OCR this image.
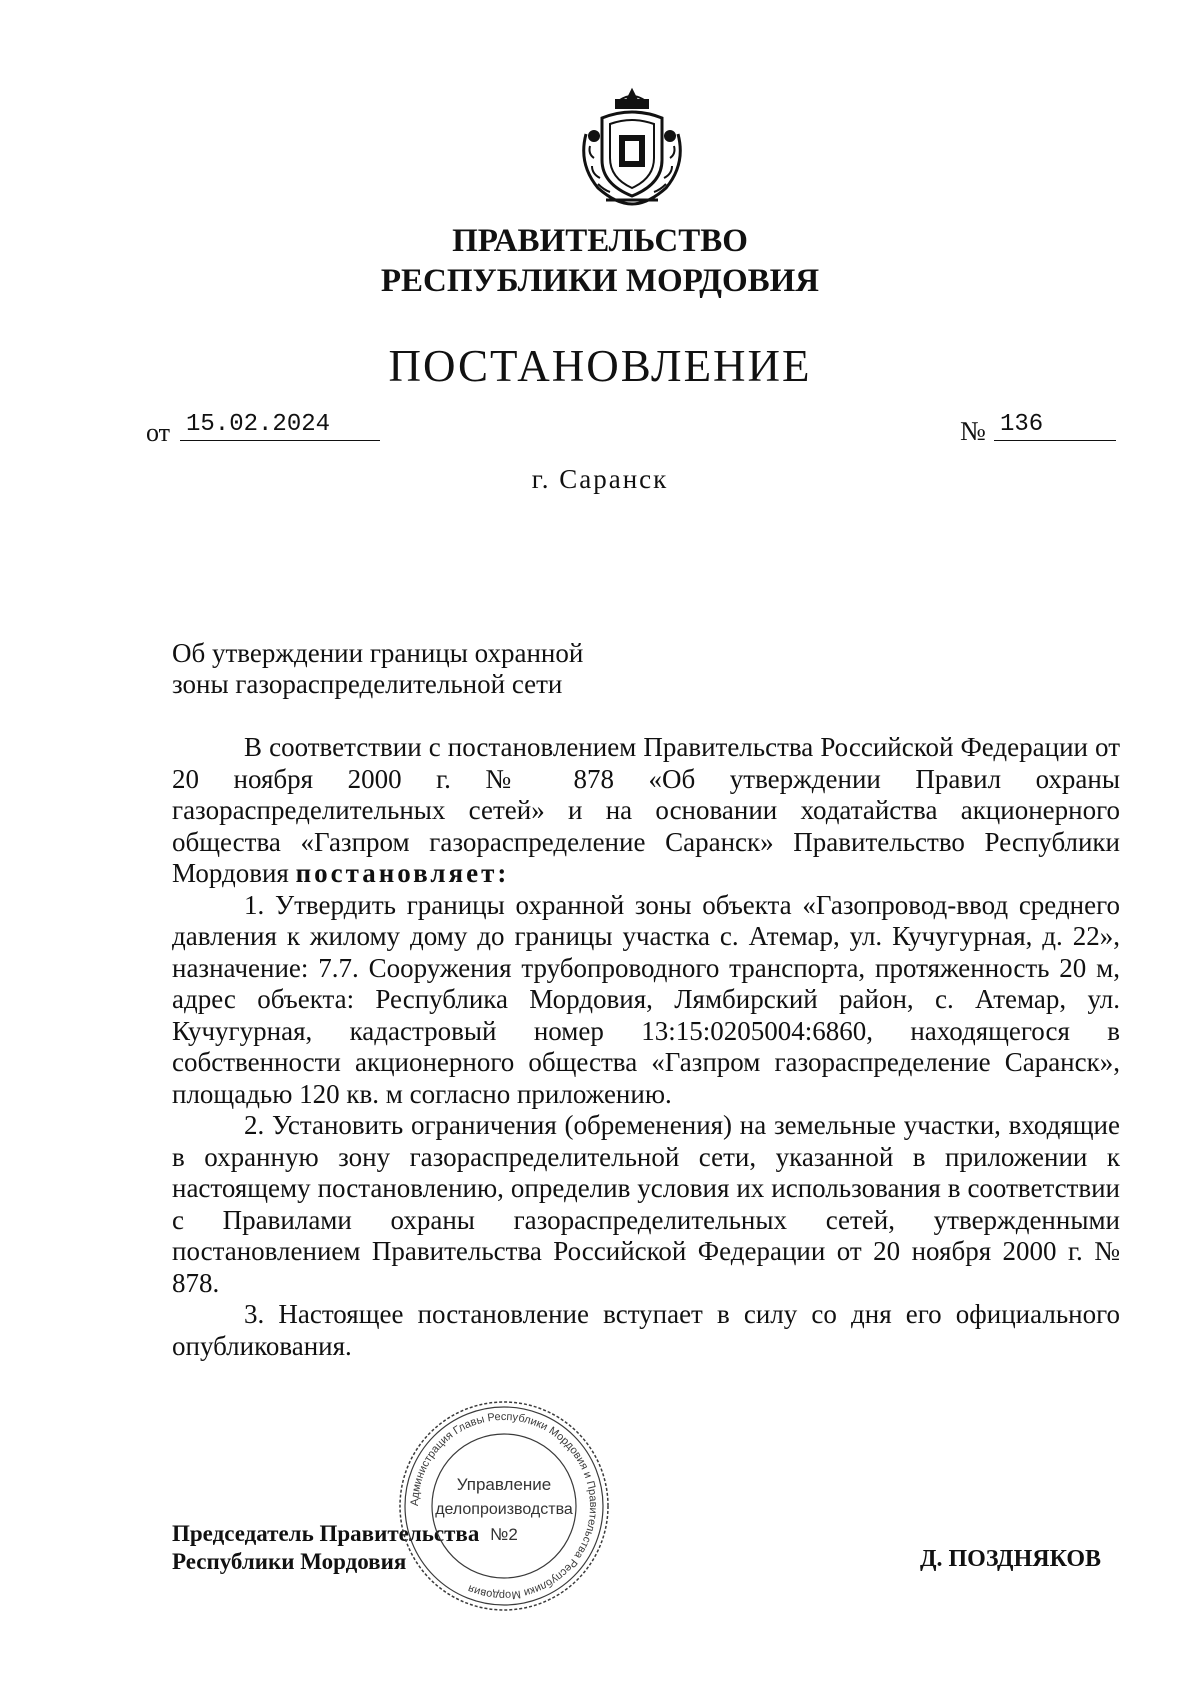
ПРАВИТЕЛЬСТВО
РЕСПУБЛИКИ МОРДОВИЯ
ПОСТАНОВЛЕНИЕ
от 15.02.2024	№ 136
г. Саранск
Об утверждении границы охранной
зоны газораспределительной сети

В соответствии с постановлением Правительства Российской Федерации от 20 ноября 2000 г. № 878 «Об утверждении Правил охраны газораспределительных сетей» и на основании ходатайства акционерного общества «Газпром газораспределение Саранск» Правительство Республики Мордовия постановляет:

1. Утвердить границы охранной зоны объекта «Газопровод-ввод среднего давления к жилому дому до границы участка с. Атемар, ул. Кучугурная, д. 22», назначение: 7.7. Сооружения трубопроводного транспорта, протяженность 20 м, адрес объекта: Республика Мордовия, Лямбирский район, с. Атемар, ул. Кучугурная, кадастровый номер 13:15:0205004:6860, находящегося в собственности акционерного общества «Газпром газораспределение Саранск», площадью 120 кв. м согласно приложению.

2. Установить ограничения (обременения) на земельные участки, входящие в охранную зону газораспределительной сети, указанной в приложении к настоящему постановлению, определив условия их использования в соответствии с Правилами охраны газораспределительных сетей, утвержденными постановлением Правительства Российской Федерации от 20 ноября 2000 г. № 878.

3. Настоящее постановление вступает в силу со дня его официального опубликования.

Председатель Правительства
Республики Мордовия	Д. ПОЗДНЯКОВ
Администрация Главы Республики Мордовия и Правительства Республики Мордовия
Управление
делопроизводства
№2
